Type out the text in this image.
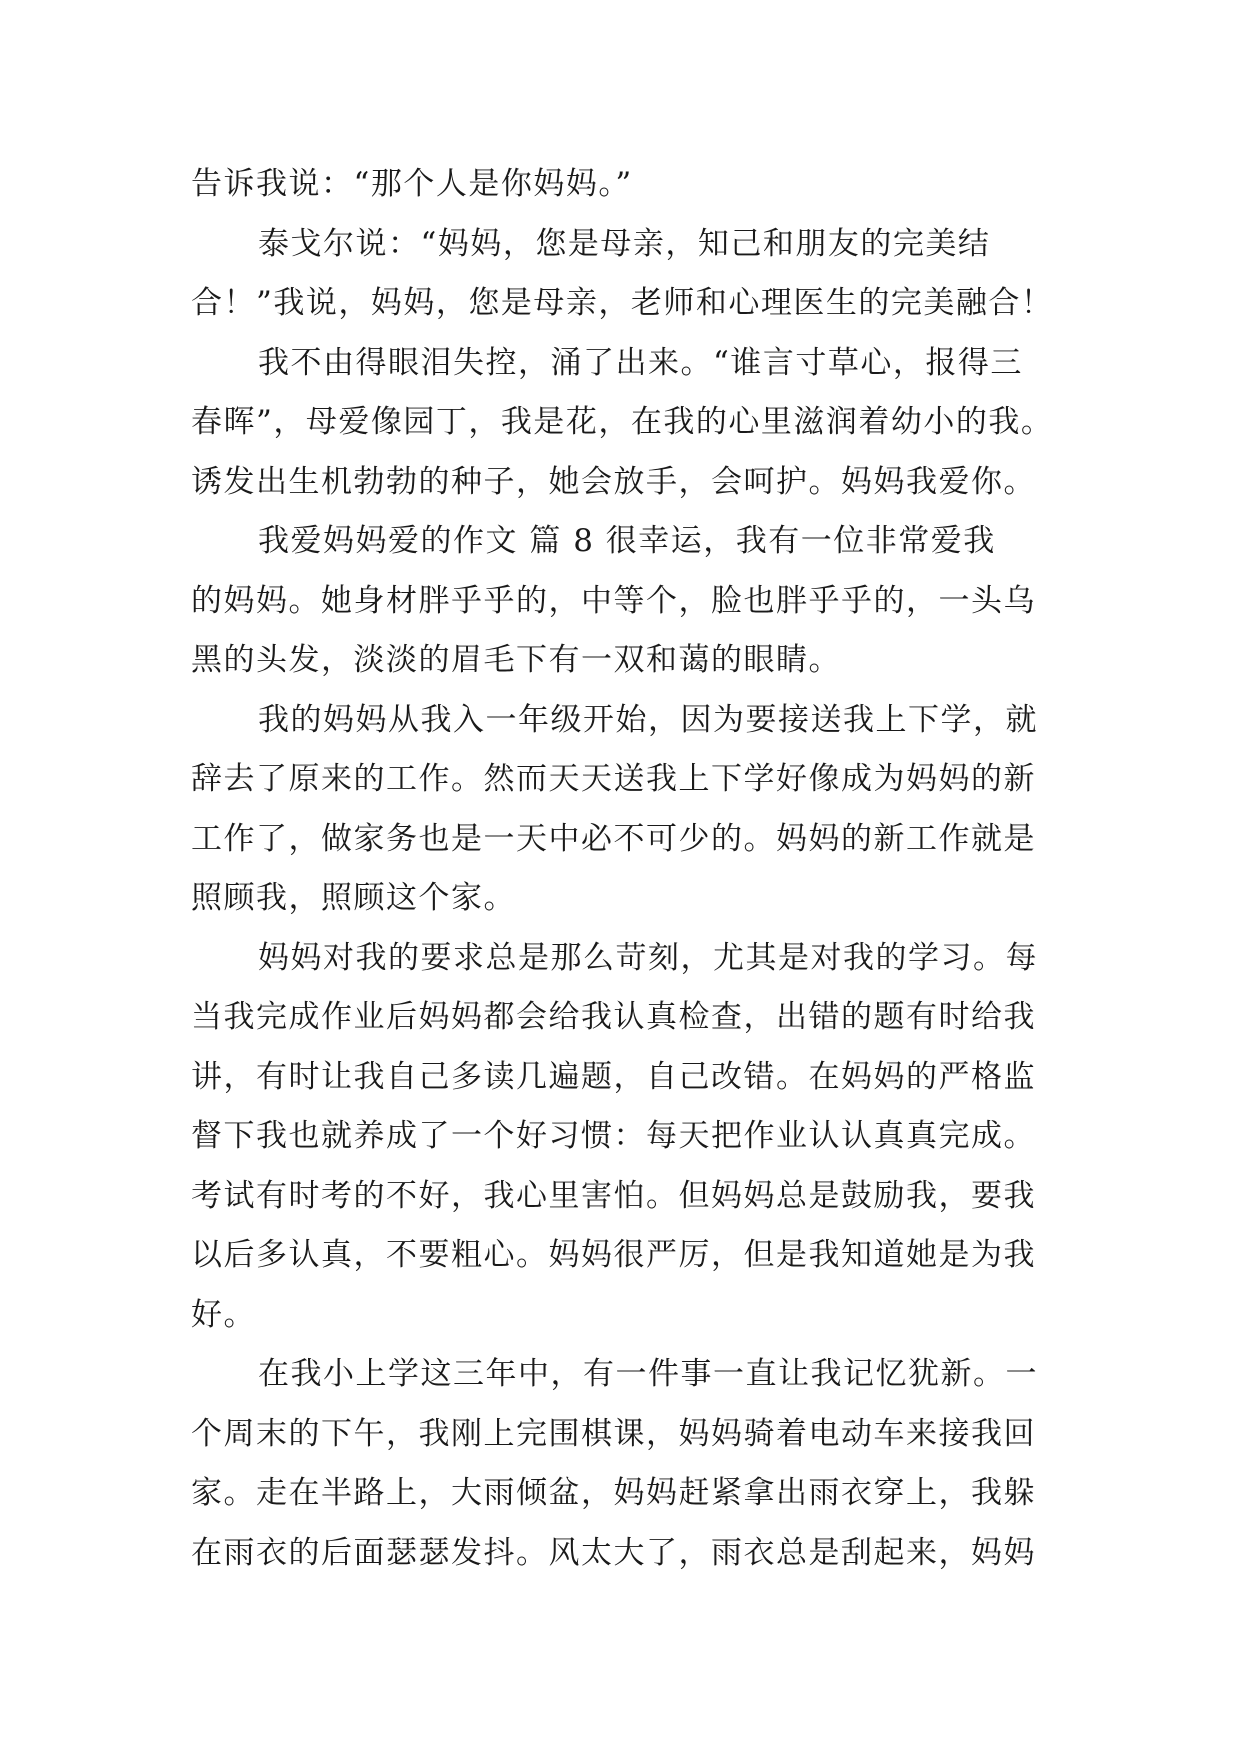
告诉我说：“那个人是你妈妈。”
泰戈尔说：“妈妈，您是母亲，知己和朋友的完美结
合！”我说，妈妈，您是母亲，老师和心理医生的完美融合！
我不由得眼泪失控，涌了出来。“谁言寸草心，报得三
春晖”，母爱像园丁，我是花，在我的心里滋润着幼小的我。
诱发出生机勃勃的种子，她会放手，会呵护。妈妈我爱你。
我爱妈妈爱的作文 篇 8 很幸运，我有一位非常爱我
的妈妈。她身材胖乎乎的，中等个，脸也胖乎乎的，一头乌
黑的头发，淡淡的眉毛下有一双和蔼的眼睛。
我的妈妈从我入一年级开始，因为要接送我上下学，就
辞去了原来的工作。然而天天送我上下学好像成为妈妈的新
工作了，做家务也是一天中必不可少的。妈妈的新工作就是
照顾我，照顾这个家。
妈妈对我的要求总是那么苛刻，尤其是对我的学习。每
当我完成作业后妈妈都会给我认真检查，出错的题有时给我
讲，有时让我自己多读几遍题，自己改错。在妈妈的严格监
督下我也就养成了一个好习惯：每天把作业认认真真完成。
考试有时考的不好，我心里害怕。但妈妈总是鼓励我，要我
以后多认真，不要粗心。妈妈很严厉，但是我知道她是为我
好。
在我小上学这三年中，有一件事一直让我记忆犹新。一
个周末的下午，我刚上完围棋课，妈妈骑着电动车来接我回
家。走在半路上，大雨倾盆，妈妈赶紧拿出雨衣穿上，我躲
在雨衣的后面瑟瑟发抖。风太大了，雨衣总是刮起来，妈妈
